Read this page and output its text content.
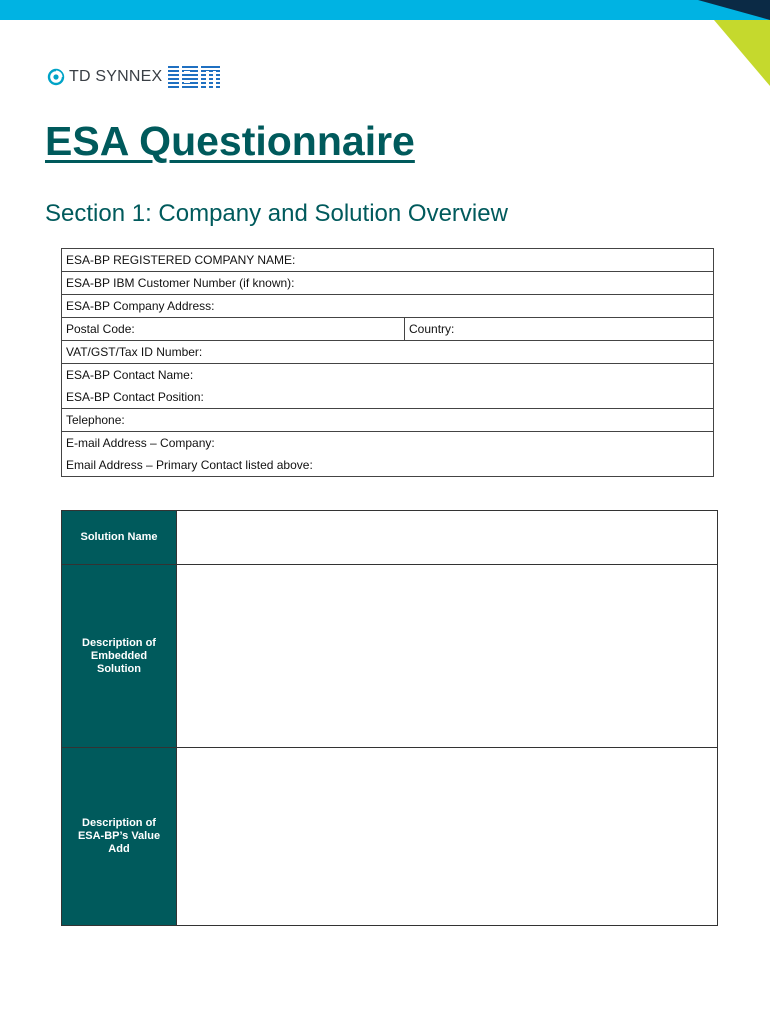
TD SYNNEX
ESA Questionnaire
Section 1: Company and Solution Overview
ESA-BP REGISTERED COMPANY NAME:
ESA-BP IBM Customer Number (if known):
ESA-BP Company Address:
Postal Code:	Country:
VAT/GST/Tax ID Number:

ESA-BP Contact Name:
ESA-BP Contact Position:

Telephone:

E-mail Address – Company:
Email Address – Primary Contact listed above:
Solution Name	
Description of Embedded Solution	
Description of ESA-BP’s Value Add	
